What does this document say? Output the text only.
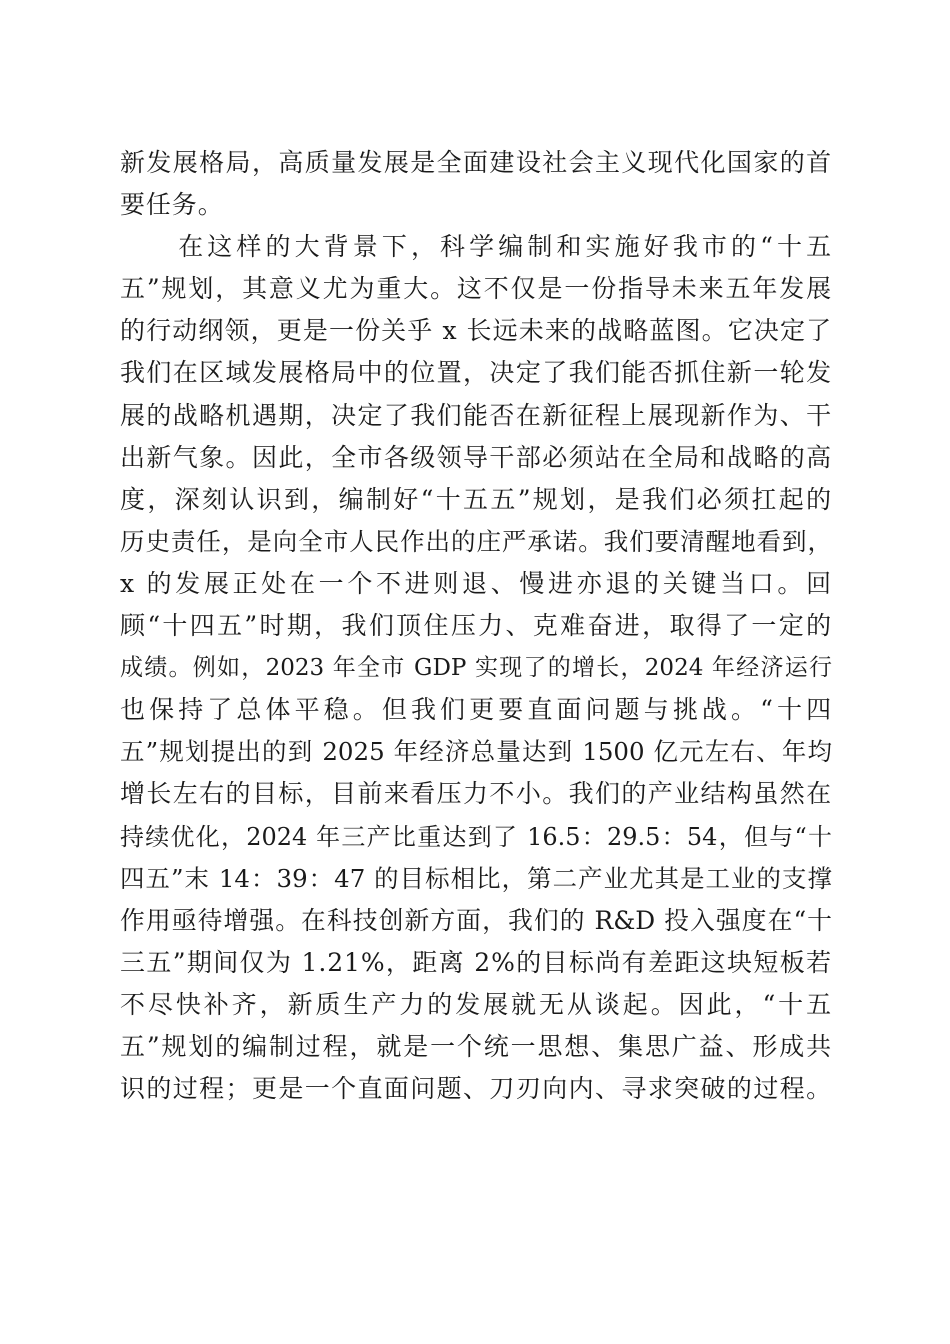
新发展格局，高质量发展是全面建设社会主义现代化国家的首
要任务。
　　在这样的大背景下，科学编制和实施好我市的“十五
五”规划，其意义尤为重大。这不仅是一份指导未来五年发展
的行动纲领，更是一份关乎 x 长远未来的战略蓝图。它决定了
我们在区域发展格局中的位置，决定了我们能否抓住新一轮发
展的战略机遇期，决定了我们能否在新征程上展现新作为、干
出新气象。因此，全市各级领导干部必须站在全局和战略的高
度，深刻认识到，编制好“十五五”规划，是我们必须扛起的
历史责任，是向全市人民作出的庄严承诺。我们要清醒地看到，
x 的发展正处在一个不进则退、慢进亦退的关键当口。回
顾“十四五”时期，我们顶住压力、克难奋进，取得了一定的
成绩。例如，2023 年全市 GDP 实现了的增长，2024 年经济运行
也保持了总体平稳。但我们更要直面问题与挑战。“十四
五”规划提出的到 2025 年经济总量达到 1500 亿元左右、年均
增长左右的目标，目前来看压力不小。我们的产业结构虽然在
持续优化，2024 年三产比重达到了 16.5：29.5：54，但与“十
四五”末 14：39：47 的目标相比，第二产业尤其是工业的支撑
作用亟待增强。在科技创新方面，我们的 R&D 投入强度在“十
三五”期间仅为 1.21%，距离 2%的目标尚有差距这块短板若
不尽快补齐，新质生产力的发展就无从谈起。因此，“十五
五”规划的编制过程，就是一个统一思想、集思广益、形成共
识的过程；更是一个直面问题、刀刃向内、寻求突破的过程。
